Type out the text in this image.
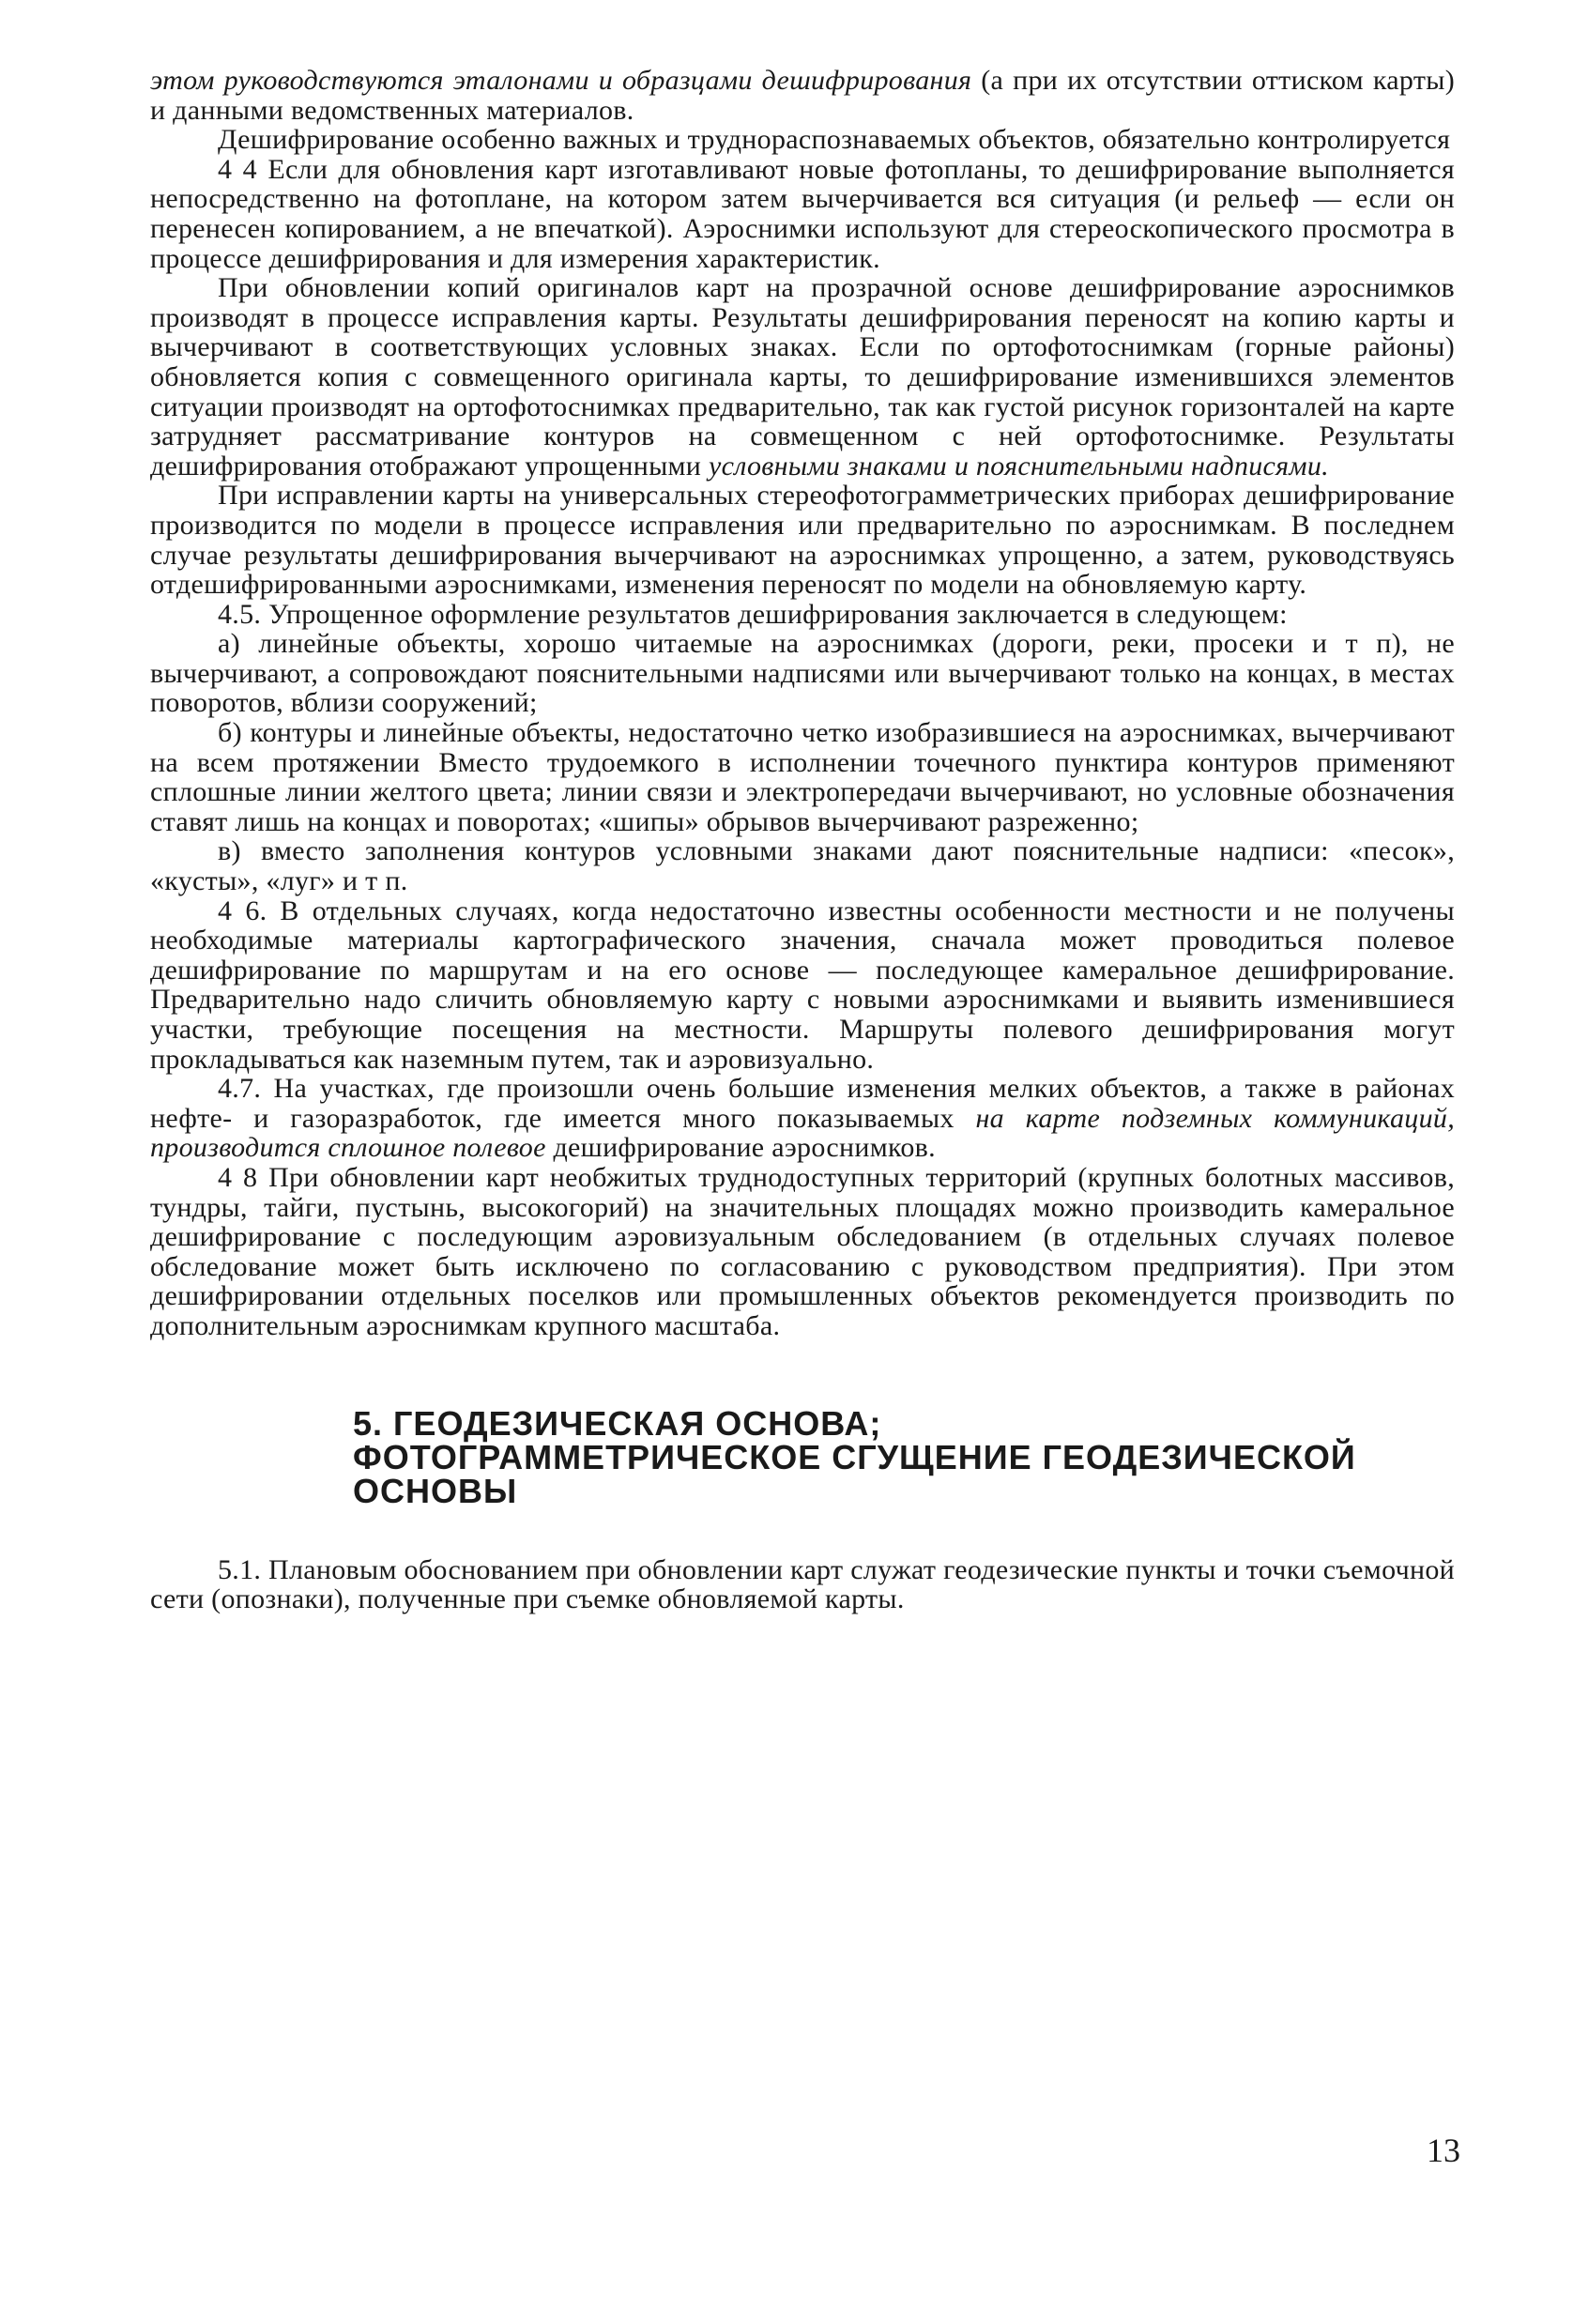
этом руководствуются эталонами и образцами дешифрирования (а при их отсутствии оттиском карты) и данными ведомственных материалов.

Дешифрирование особенно важных и труднораспознаваемых объектов, обязательно контролируется

4 4 Если для обновления карт изготавливают новые фотопланы, то дешифрирование выполняется непосредственно на фотоплане, на котором затем вычерчивается вся ситуация (и рельеф — если он перенесен копированием, а не впечаткой). Аэроснимки используют для стереоскопического просмотра в процессе дешифрирования и для измерения характеристик.

При обновлении копий оригиналов карт на прозрачной основе дешифрирование аэроснимков производят в процессе исправления карты. Результаты дешифрирования переносят на копию карты и вычерчивают в соответствующих условных знаках. Если по ортофотоснимкам (горные районы) обновляется копия с совмещенного оригинала карты, то дешифрирование изменившихся элементов ситуации производят на ортофотоснимках предварительно, так как густой рисунок горизонталей на карте затрудняет рассматривание контуров на совмещенном с ней ортофотоснимке. Результаты дешифрирования отображают упрощенными условными знаками и пояснительными надписями.

При исправлении карты на универсальных стереофотограмметрических приборах дешифрирование производится по модели в процессе исправления или предварительно по аэроснимкам. В последнем случае результаты дешифрирования вычерчивают на аэроснимках упрощенно, а затем, руководствуясь отдешифрированными аэроснимками, изменения переносят по модели на обновляемую карту.

4.5. Упрощенное оформление результатов дешифрирования заключается в следующем:

а) линейные объекты, хорошо читаемые на аэроснимках (дороги, реки, просеки и т п), не вычерчивают, а сопровождают пояснительными надписями или вычерчивают только на концах, в местах поворотов, вблизи сооружений;

б) контуры и линейные объекты, недостаточно четко изобразившиеся на аэроснимках, вычерчивают на всем протяжении Вместо трудоемкого в исполнении точечного пунктира контуров применяют сплошные линии желтого цвета; линии связи и электропередачи вычерчивают, но условные обозначения ставят лишь на концах и поворотах; «шипы» обрывов вычерчивают разреженно;

в) вместо заполнения контуров условными знаками дают пояснительные надписи: «песок», «кусты», «луг» и т п.

4 6. В отдельных случаях, когда недостаточно известны особенности местности и не получены необходимые материалы картографического значения, сначала может проводиться полевое дешифрирование по маршрутам и на его основе — последующее камеральное дешифрирование. Предварительно надо сличить обновляемую карту с новыми аэроснимками и выявить изменившиеся участки, требующие посещения на местности. Маршруты полевого дешифрирования могут прокладываться как наземным путем, так и аэровизуально.

4.7. На участках, где произошли очень большие изменения мелких объектов, а также в районах нефте- и газоразработок, где имеется много показываемых на карте подземных коммуникаций, производится сплошное полевое дешифрирование аэроснимков.

4 8 При обновлении карт необжитых труднодоступных территорий (крупных болотных массивов, тундры, тайги, пустынь, высокогорий) на значительных площадях можно производить камеральное дешифрирование с последующим аэровизуальным обследованием (в отдельных случаях полевое обследование может быть исключено по согласованию с руководством предприятия). При этом дешифрировании отдельных поселков или промышленных объектов рекомендуется производить по дополнительным аэроснимкам крупного масштаба.

5. ГЕОДЕЗИЧЕСКАЯ ОСНОВА;
ФОТОГРАММЕТРИЧЕСКОЕ СГУЩЕНИЕ ГЕОДЕЗИЧЕСКОЙ
ОСНОВЫ

5.1. Плановым обоснованием при обновлении карт служат геодезические пункты и точки съемочной сети (опознаки), полученные при съемке обновляемой карты.

13
